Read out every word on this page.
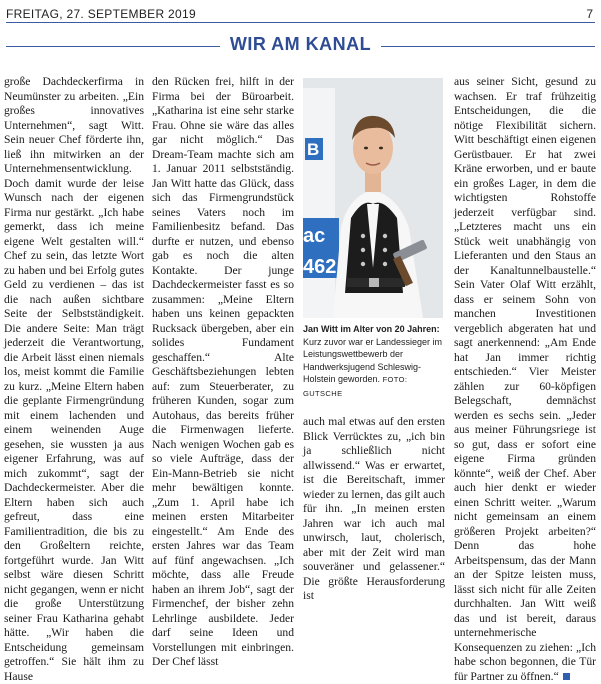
FREITAG, 27. SEPTEMBER 2019	7
WIR AM KANAL

große Dachdeckerfirma in Neumünster zu arbeiten. „Ein großes innovatives Unternehmen“, sagt Witt. Sein neuer Chef förderte ihn, ließ ihn mitwirken an der Unternehmensentwicklung. Doch damit wurde der leise Wunsch nach der eigenen Firma nur gestärkt. „Ich habe gemerkt, dass ich meine eigene Welt gestalten will.“ Chef zu sein, das letzte Wort zu haben und bei Erfolg gutes Geld zu verdienen – das ist die nach außen sichtbare Seite der Selbstständigkeit. Die andere Seite: Man trägt jederzeit die Verantwortung, die Arbeit lässt einen niemals los, meist kommt die Familie zu kurz. „Meine Eltern haben die geplante Firmengründung mit einem lachenden und einem weinenden Auge gesehen, sie wussten ja aus eigener Erfahrung, was auf mich zukommt“, sagt der Dachdeckermeister. Aber die Eltern haben sich auch gefreut, dass eine Familientradition, die bis zu den Großeltern reichte, fortgeführt wurde. Jan Witt selbst wäre diesen Schritt nicht gegangen, wenn er nicht die große Unterstützung seiner Frau Katharina gehabt hätte. „Wir haben die Entscheidung gemeinsam getroffen.“ Sie hält ihm zu Hause

den Rücken frei, hilft in der Firma bei der Büroarbeit. „Katharina ist eine sehr starke Frau. Ohne sie wäre das alles gar nicht möglich.“ Das Dream-Team machte sich am 1. Januar 2011 selbstständig. Jan Witt hatte das Glück, dass sich das Firmengrundstück seines Vaters noch im Familienbesitz befand. Das durfte er nutzen, und ebenso gab es noch die alten Kontakte. Der junge Dachdeckermeister fasst es so zusammen: „Meine Eltern haben uns keinen gepackten Rucksack übergeben, aber ein solides Fundament geschaffen.“ Alte Geschäftsbeziehungen lebten auf: zum Steuerberater, zu früheren Kunden, sogar zum Autohaus, das bereits früher die Firmenwagen lieferte. Nach wenigen Wochen gab es so viele Aufträge, dass der Ein-Mann-Betrieb sie nicht mehr bewältigen konnte. „Zum 1. April habe ich meinen ersten Mitarbeiter eingestellt.“ Am Ende des ersten Jahres war das Team auf fünf angewachsen. „Ich möchte, dass alle Freude haben an ihrem Job“, sagt der Firmenchef, der bisher zehn Lehrlinge ausbildete. Jeder darf seine Ideen und Vorstellungen mit einbringen. Der Chef lässt

B
ac
462
Jan Witt im Alter von 20 Jahren: Kurz zuvor war er Landessieger im Leistungswettbewerb der Handwerksjugend Schleswig-Holstein geworden. FOTO: GUTSCHE

auch mal etwas auf den ersten Blick Verrücktes zu, „ich bin ja schließlich nicht allwissend.“ Was er erwartet, ist die Bereitschaft, immer wieder zu lernen, das gilt auch für ihn. „In meinen ersten Jahren war ich auch mal unwirsch, laut, cholerisch, aber mit der Zeit wird man souveräner und gelassener.“ Die größte Herausforderung ist

aus seiner Sicht, gesund zu wachsen. Er traf frühzeitig Entscheidungen, die die nötige Flexibilität sichern. Witt beschäftigt einen eigenen Gerüstbauer. Er hat zwei Kräne erworben, und er baute ein großes Lager, in dem die wichtigsten Rohstoffe jederzeit verfügbar sind. „Letzteres macht uns ein Stück weit unabhängig von Lieferanten und den Staus an der Kanaltunnelbaustelle.“ Sein Vater Olaf Witt erzählt, dass er seinem Sohn von manchen Investitionen vergeblich abgeraten hat und sagt anerkennend: „Am Ende hat Jan immer richtig entschieden.“ Vier Meister zählen zur 60-köpfigen Belegschaft, demnächst werden es sechs sein. „Jeder aus meiner Führungsriege ist so gut, dass er sofort eine eigene Firma gründen könnte“, weiß der Chef. Aber auch hier denkt er wieder einen Schritt weiter. „Warum nicht gemeinsam an einem größeren Projekt arbeiten?“ Denn das hohe Arbeitspensum, das der Mann an der Spitze leisten muss, lässt sich nicht für alle Zeiten durchhalten. Jan Witt weiß das und ist bereit, daraus unternehmerische Konsequenzen zu ziehen: „Ich habe schon begonnen, die Tür für Partner zu öffnen.“
